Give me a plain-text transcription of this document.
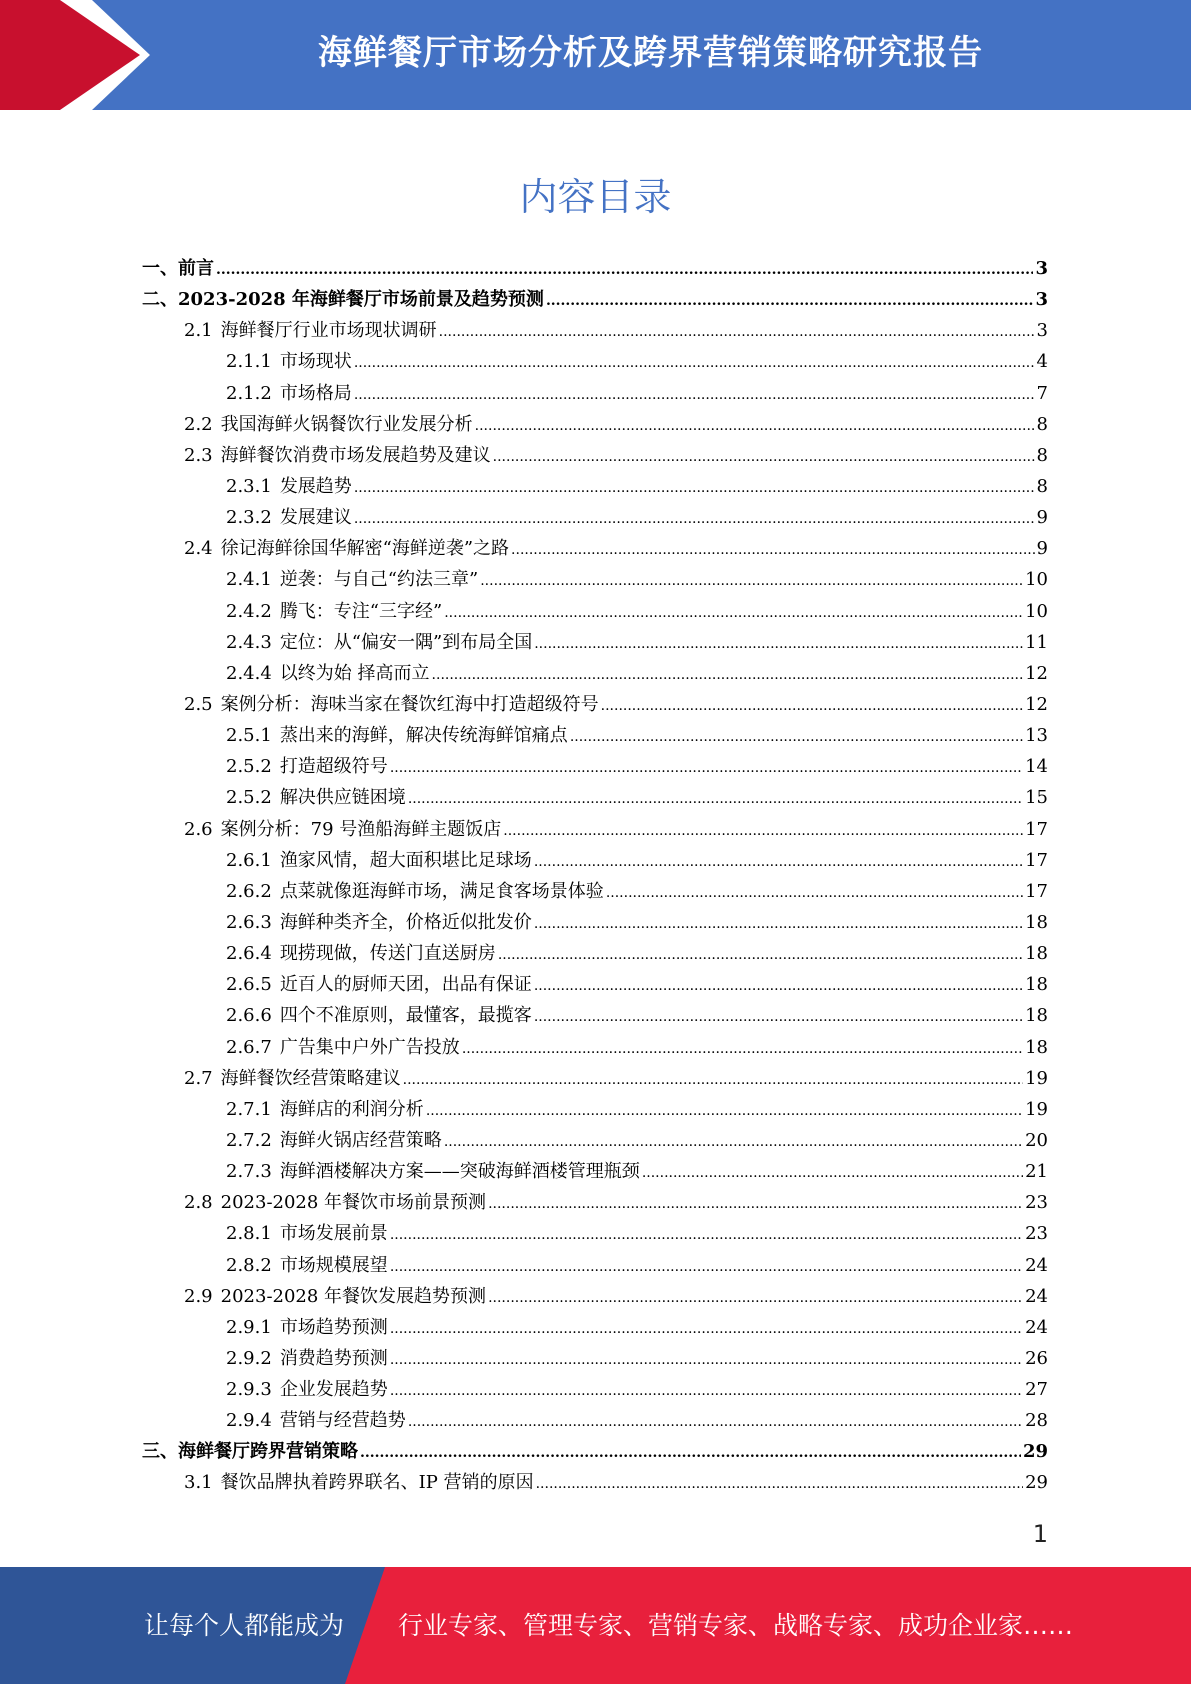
海鲜餐厅市场分析及跨界营销策略研究报告
内容目录
一、 前言 .....	3
二、 2023-2028 年海鲜餐厅市场前景及趋势预测 .....	3
2.1 海鲜餐厅行业市场现状调研 .....	3
2.1.1 市场现状 .....	4
2.1.2 市场格局 .....	7
2.2 我国海鲜火锅餐饮行业发展分析 .....	8
2.3 海鲜餐饮消费市场发展趋势及建议 .....	8
2.3.1 发展趋势 .....	8
2.3.2 发展建议 .....	9
2.4 徐记海鲜徐国华解密“海鲜逆袭”之路 .....	9
2.4.1 逆袭：与自己“约法三章” .....	10
2.4.2 腾飞：专注“三字经” .....	10
2.4.3 定位：从“偏安一隅”到布局全国 .....	11
2.4.4 以终为始 择高而立 .....	12
2.5 案例分析：海味当家在餐饮红海中打造超级符号 .....	12
2.5.1 蒸出来的海鲜，解决传统海鲜馆痛点 .....	13
2.5.2 打造超级符号 .....	14
2.5.2 解决供应链困境 .....	15
2.6 案例分析：79 号渔船海鲜主题饭店 .....	17
2.6.1 渔家风情，超大面积堪比足球场 .....	17
2.6.2 点菜就像逛海鲜市场，满足食客场景体验 .....	17
2.6.3 海鲜种类齐全，价格近似批发价 .....	18
2.6.4 现捞现做，传送门直送厨房 .....	18
2.6.5 近百人的厨师天团，出品有保证 .....	18
2.6.6 四个不准原则，最懂客，最揽客 .....	18
2.6.7 广告集中户外广告投放 .....	18
2.7 海鲜餐饮经营策略建议 .....	19
2.7.1 海鲜店的利润分析 .....	19
2.7.2 海鲜火锅店经营策略 .....	20
2.7.3 海鲜酒楼解决方案——突破海鲜酒楼管理瓶颈 .....	21
2.8 2023-2028 年餐饮市场前景预测 .....	23
2.8.1 市场发展前景 .....	23
2.8.2 市场规模展望 .....	24
2.9 2023-2028 年餐饮发展趋势预测 .....	24
2.9.1 市场趋势预测 .....	24
2.9.2 消费趋势预测 .....	26
2.9.3 企业发展趋势 .....	27
2.9.4 营销与经营趋势 .....	28
三、 海鲜餐厅跨界营销策略 .....	29
3.1 餐饮品牌执着跨界联名、IP 营销的原因 .....	29
1
让每个人都能成为 行业专家、管理专家、营销专家、战略专家、成功企业家……
